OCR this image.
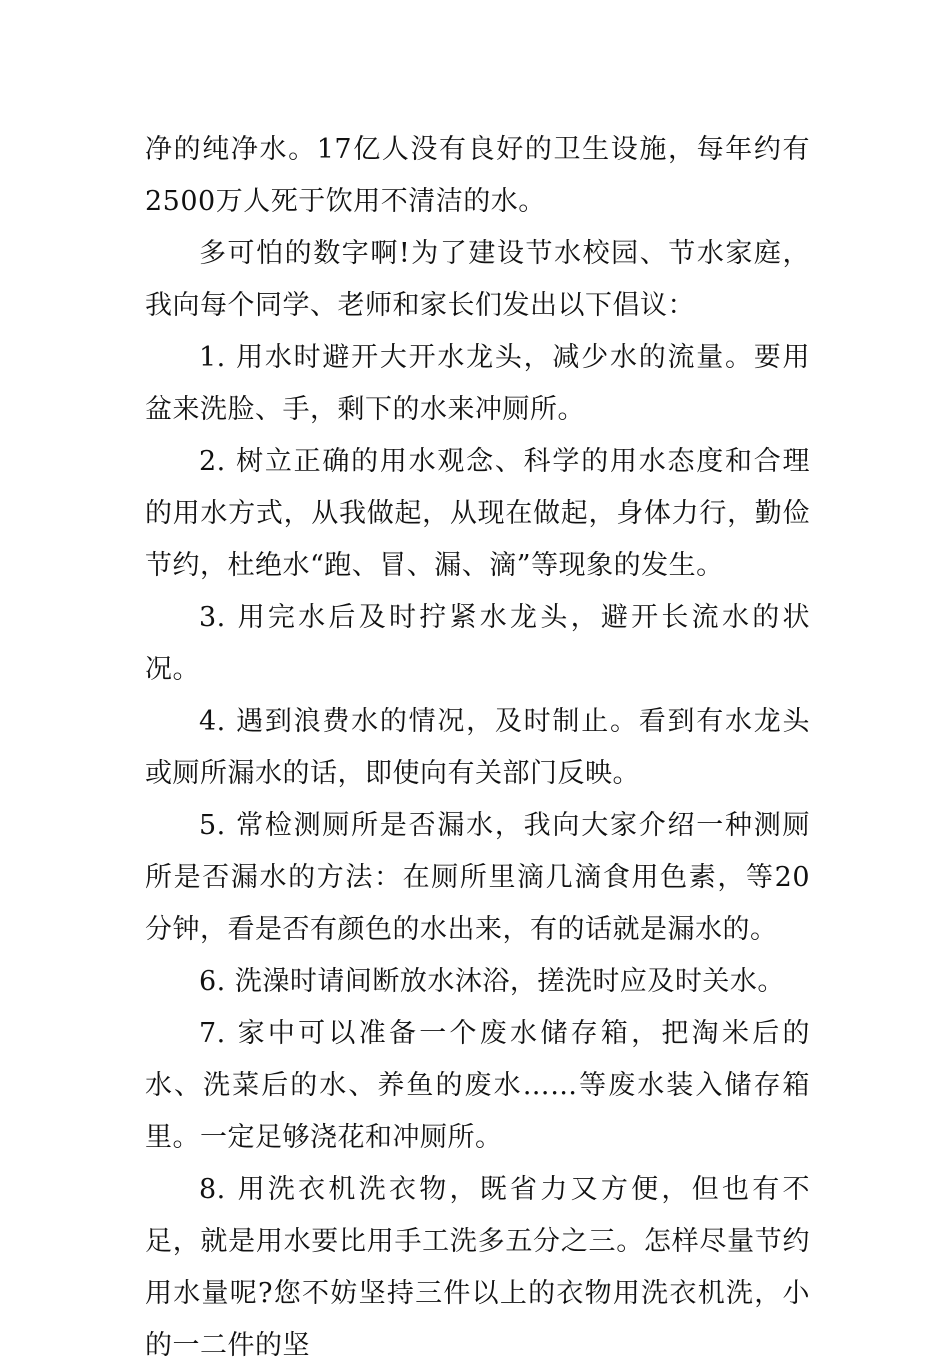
净的纯净水。17亿人没有良好的卫生设施，每年约有2500万人死于饮用不清洁的水。

多可怕的数字啊!为了建设节水校园、节水家庭，我向每个同学、老师和家长们发出以下倡议：

1. 用水时避开大开水龙头，减少水的流量。要用盆来洗脸、手，剩下的水来冲厕所。

2. 树立正确的用水观念、科学的用水态度和合理的用水方式，从我做起，从现在做起，身体力行，勤俭节约，杜绝水“跑、冒、漏、滴”等现象的发生。

3. 用完水后及时拧紧水龙头，避开长流水的状况。

4. 遇到浪费水的情况，及时制止。看到有水龙头或厕所漏水的话，即使向有关部门反映。

5. 常检测厕所是否漏水，我向大家介绍一种测厕所是否漏水的方法：在厕所里滴几滴食用色素，等20分钟，看是否有颜色的水出来，有的话就是漏水的。

6. 洗澡时请间断放水沐浴，搓洗时应及时关水。

7. 家中可以准备一个废水储存箱，把淘米后的水、洗菜后的水、养鱼的废水……等废水装入储存箱里。一定足够浇花和冲厕所。

8. 用洗衣机洗衣物，既省力又方便，但也有不足，就是用水要比用手工洗多五分之三。怎样尽量节约用水量呢?您不妨坚持三件以上的衣物用洗衣机洗，小的一二件的坚
